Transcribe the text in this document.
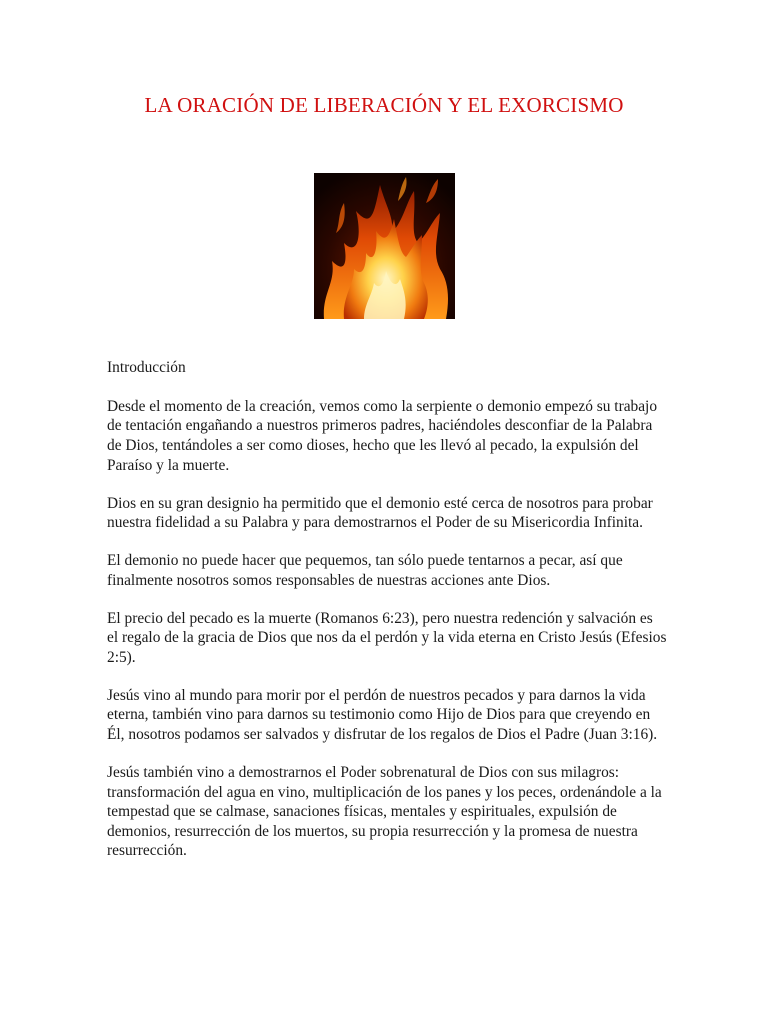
LA ORACIÓN DE LIBERACIÓN Y EL EXORCISMO

Introducción

Desde el momento de la creación, vemos como la serpiente o demonio empezó su trabajo de tentación engañando a nuestros primeros padres, haciéndoles desconfiar de la Palabra de Dios, tentándoles a ser como dioses, hecho que les llevó al pecado, la expulsión del Paraíso y la muerte.

Dios en su gran designio ha permitido que el demonio esté cerca de nosotros para probar nuestra fidelidad a su Palabra y para demostrarnos el Poder de su Misericordia Infinita.

El demonio no puede hacer que pequemos, tan sólo puede tentarnos a pecar, así que finalmente nosotros somos responsables de nuestras acciones ante Dios.

El precio del pecado es la muerte (Romanos 6:23), pero nuestra redención y salvación es el regalo de la gracia de Dios que nos da el perdón y la vida eterna en Cristo Jesús (Efesios 2:5).

Jesús vino al mundo para morir por el perdón de nuestros pecados y para darnos la vida eterna, también vino para darnos su testimonio como Hijo de Dios para que creyendo en Él, nosotros podamos ser salvados y disfrutar de los regalos de Dios el Padre (Juan 3:16).

Jesús también vino a demostrarnos el Poder sobrenatural de Dios con sus milagros: transformación del agua en vino, multiplicación de los panes y los peces, ordenándole a la tempestad que se calmase, sanaciones físicas, mentales y espirituales, expulsión de demonios, resurrección de los muertos, su propia resurrección y la promesa de nuestra resurrección.
